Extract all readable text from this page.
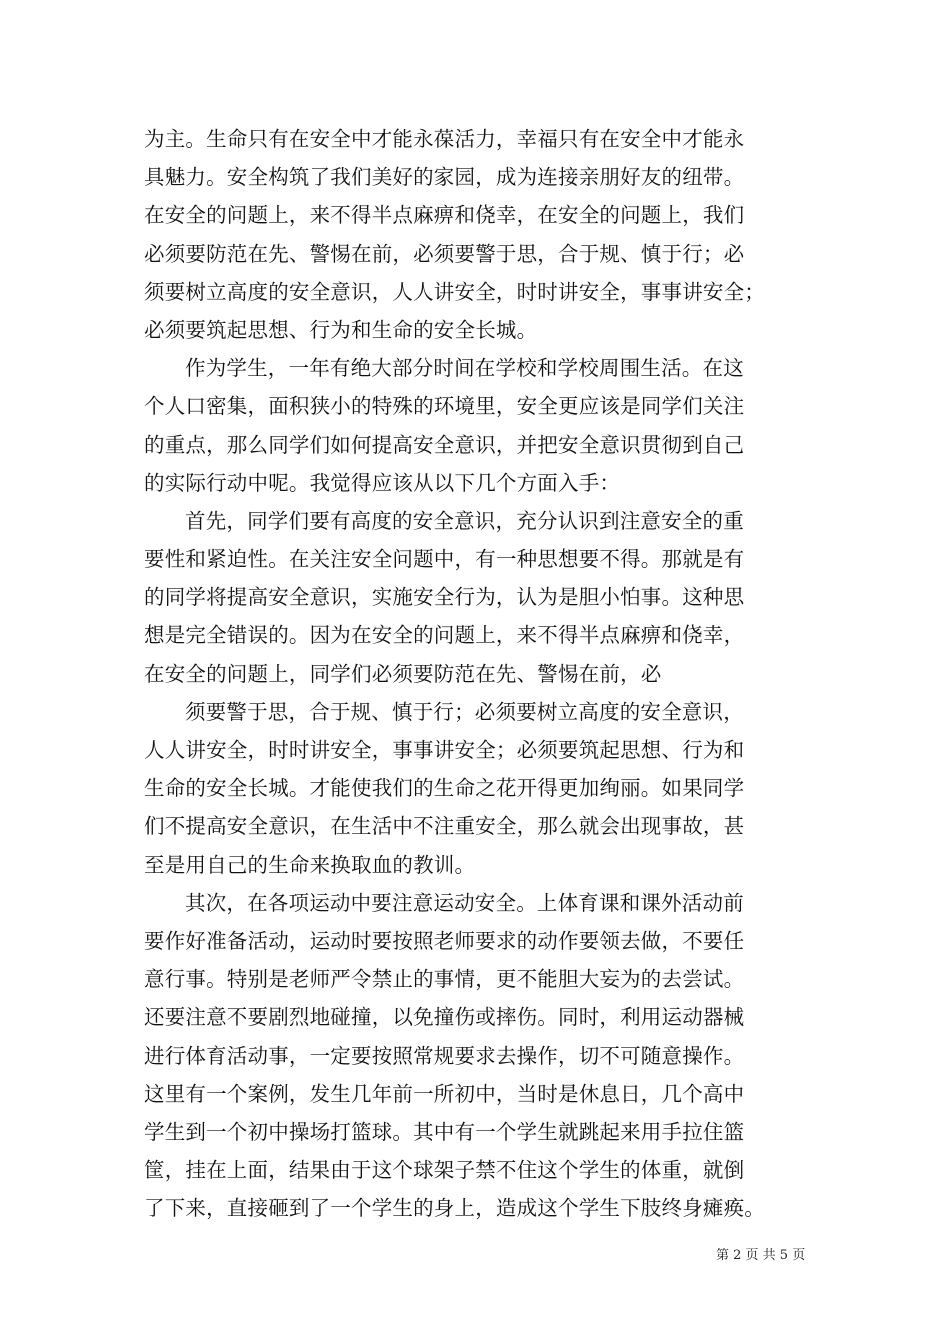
为主。生命只有在安全中才能永葆活力，幸福只有在安全中才能永
具魅力。安全构筑了我们美好的家园，成为连接亲朋好友的纽带。
在安全的问题上，来不得半点麻痹和侥幸，在安全的问题上，我们
必须要防范在先、警惕在前，必须要警于思，合于规、慎于行；必
须要树立高度的安全意识，人人讲安全，时时讲安全，事事讲安全；
必须要筑起思想、行为和生命的安全长城。
作为学生，一年有绝大部分时间在学校和学校周围生活。在这
个人口密集，面积狭小的特殊的环境里，安全更应该是同学们关注
的重点，那么同学们如何提高安全意识，并把安全意识贯彻到自己
的实际行动中呢。我觉得应该从以下几个方面入手：
首先，同学们要有高度的安全意识，充分认识到注意安全的重
要性和紧迫性。在关注安全问题中，有一种思想要不得。那就是有
的同学将提高安全意识，实施安全行为，认为是胆小怕事。这种思
想是完全错误的。因为在安全的问题上，来不得半点麻痹和侥幸，
在安全的问题上，同学们必须要防范在先、警惕在前，必
须要警于思，合于规、慎于行；必须要树立高度的安全意识，
人人讲安全，时时讲安全，事事讲安全；必须要筑起思想、行为和
生命的安全长城。才能使我们的生命之花开得更加绚丽。如果同学
们不提高安全意识，在生活中不注重安全，那么就会出现事故，甚
至是用自己的生命来换取血的教训。
其次，在各项运动中要注意运动安全。上体育课和课外活动前
要作好准备活动，运动时要按照老师要求的动作要领去做，不要任
意行事。特别是老师严令禁止的事情，更不能胆大妄为的去尝试。
还要注意不要剧烈地碰撞，以免撞伤或摔伤。同时，利用运动器械
进行体育活动事，一定要按照常规要求去操作，切不可随意操作。
这里有一个案例，发生几年前一所初中，当时是休息日，几个高中
学生到一个初中操场打篮球。其中有一个学生就跳起来用手拉住篮
筐，挂在上面，结果由于这个球架子禁不住这个学生的体重，就倒
了下来，直接砸到了一个学生的身上，造成这个学生下肢终身瘫痪。
第 2 页 共 5 页
